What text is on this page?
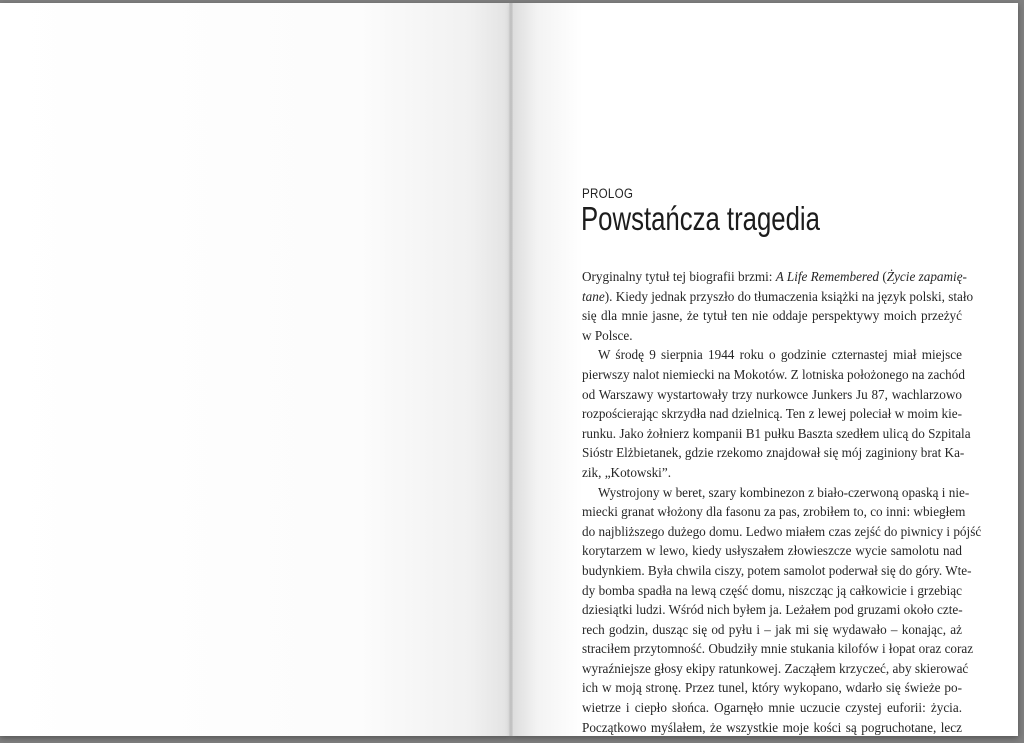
PROLOG
Powstańcza tragedia
Oryginalny tytuł tej biografii brzmi: A Life Remembered (Życie zapamię-
tane). Kiedy jednak przyszło do tłumaczenia książki na język polski, stało
się dla mnie jasne, że tytuł ten nie oddaje perspektywy moich przeżyć
w Polsce.
W środę 9 sierpnia 1944 roku o godzinie czternastej miał miejsce
pierwszy nalot niemiecki na Mokotów. Z lotniska położonego na zachód
od Warszawy wystartowały trzy nurkowce Junkers Ju 87, wachlarzowo
rozpościerając skrzydła nad dzielnicą. Ten z lewej poleciał w moim kie-
runku. Jako żołnierz kompanii B1 pułku Baszta szedłem ulicą do Szpitala
Sióstr Elżbietanek, gdzie rzekomo znajdował się mój zaginiony brat Ka-
zik, „Kotowski”.
Wystrojony w beret, szary kombinezon z biało-czerwoną opaską i nie-
miecki granat włożony dla fasonu za pas, zrobiłem to, co inni: wbiegłem
do najbliższego dużego domu. Ledwo miałem czas zejść do piwnicy i pójść
korytarzem w lewo, kiedy usłyszałem złowieszcze wycie samolotu nad
budynkiem. Była chwila ciszy, potem samolot poderwał się do góry. Wte-
dy bomba spadła na lewą część domu, niszcząc ją całkowicie i grzebiąc
dziesiątki ludzi. Wśród nich byłem ja. Leżałem pod gruzami około czte-
rech godzin, dusząc się od pyłu i – jak mi się wydawało – konając, aż
straciłem przytomność. Obudziły mnie stukania kilofów i łopat oraz coraz
wyraźniejsze głosy ekipy ratunkowej. Zacząłem krzyczeć, aby skierować
ich w moją stronę. Przez tunel, który wykopano, wdarło się świeże po-
wietrze i ciepło słońca. Ogarnęło mnie uczucie czystej euforii: życia.
Początkowo myślałem, że wszystkie moje kości są pogruchotane, lecz
